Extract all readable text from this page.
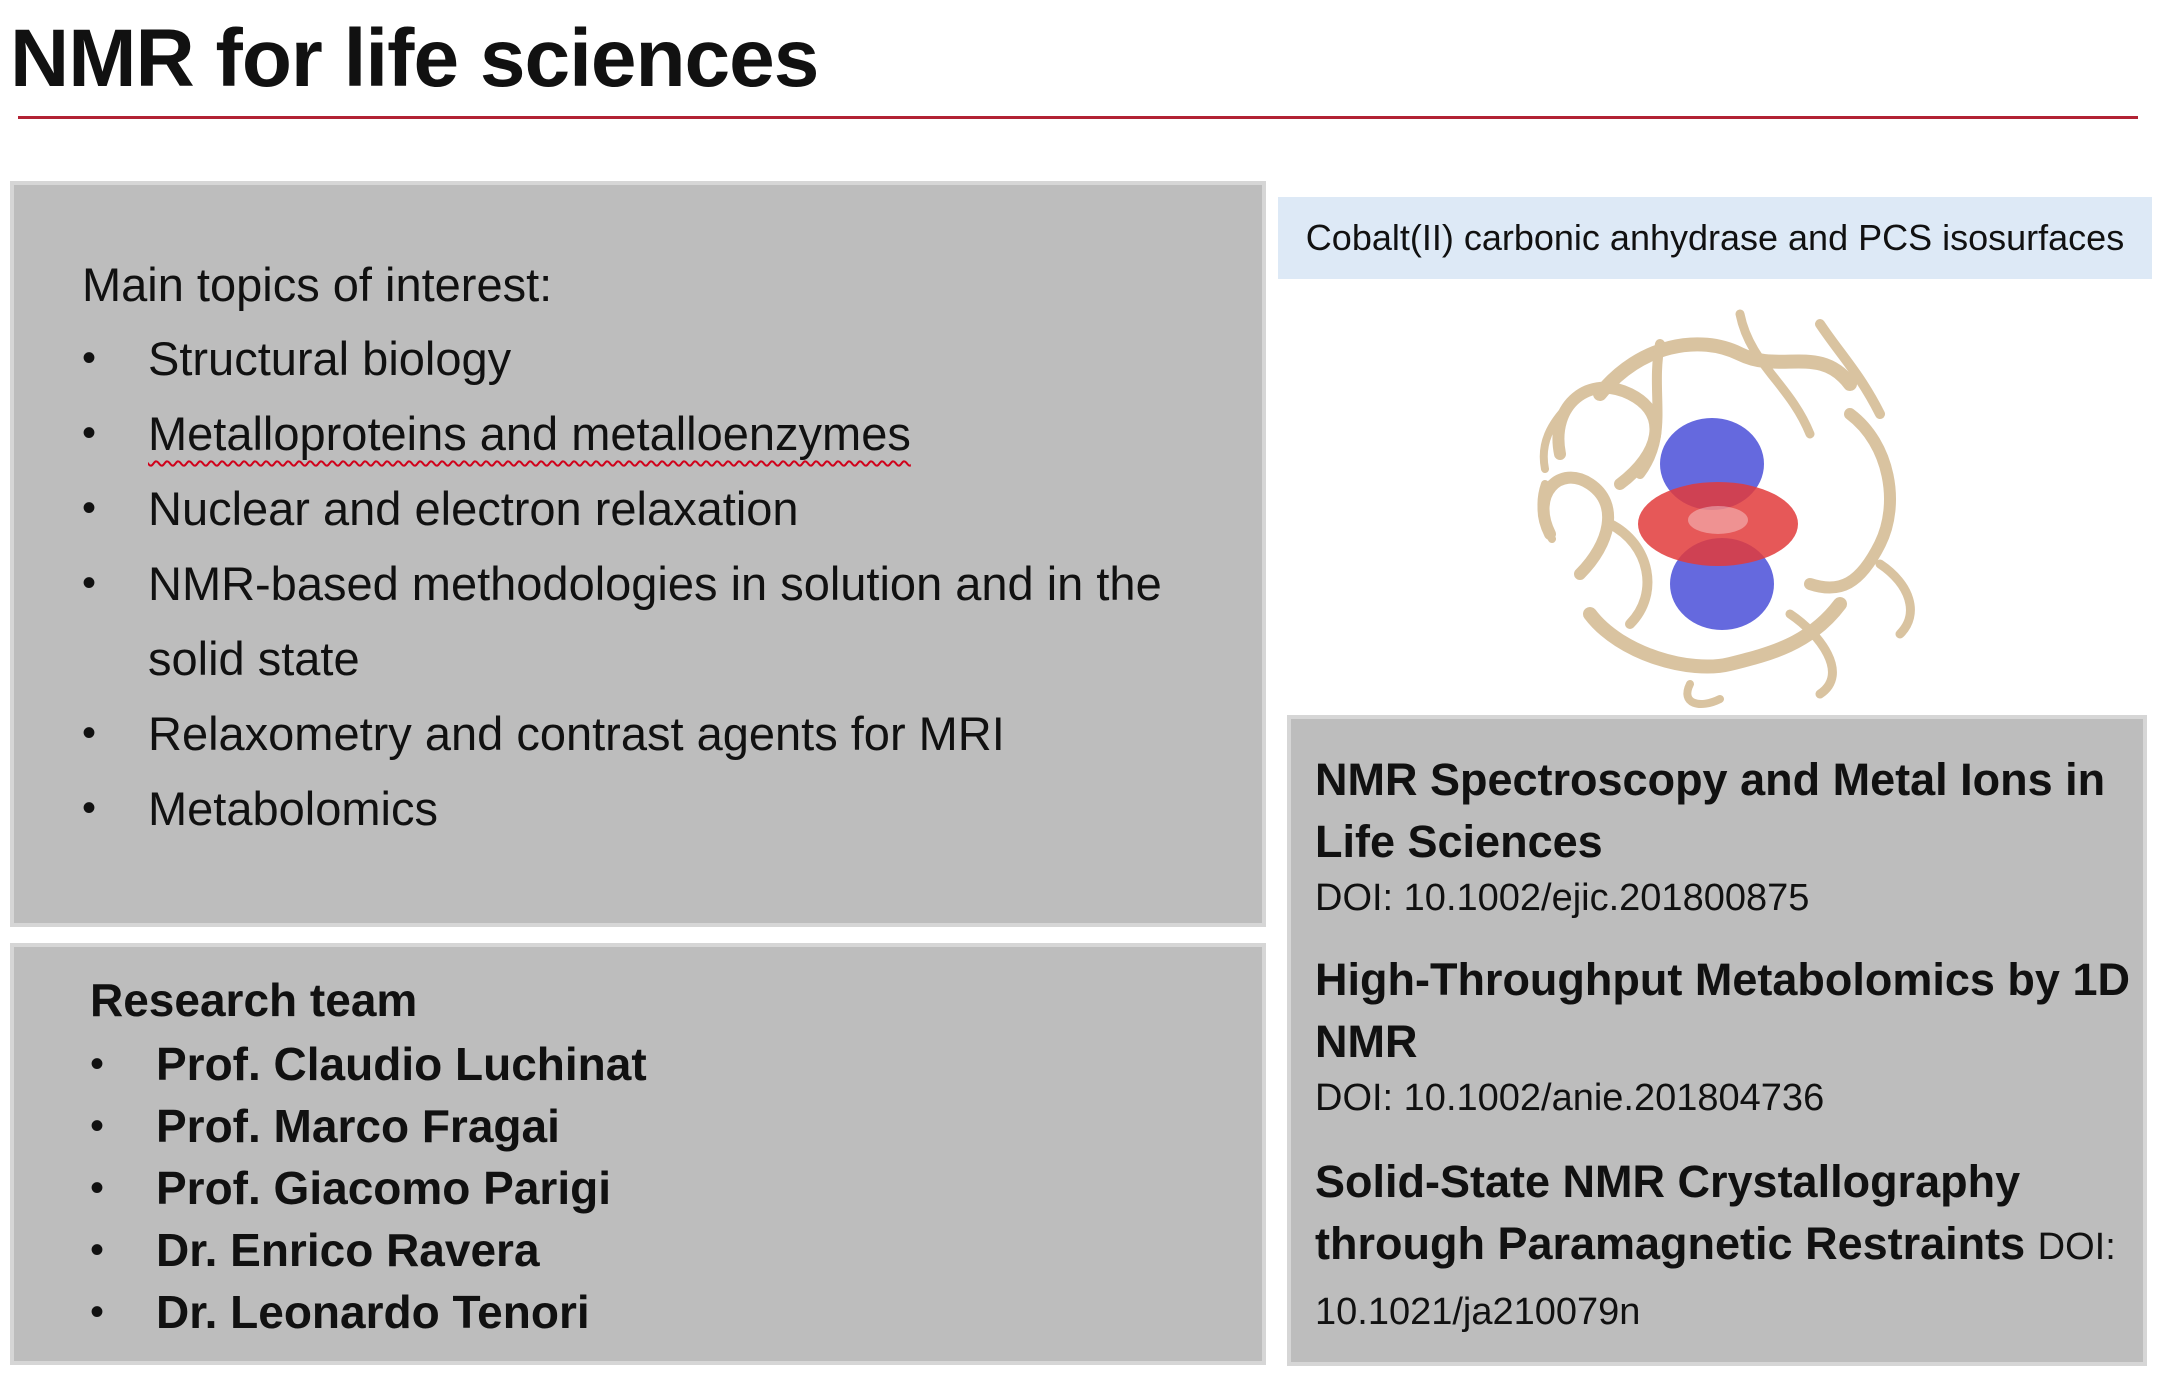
NMR for life sciences
Main topics of interest:
• Structural biology
• Metalloproteins and metalloenzymes
• Nuclear and electron relaxation
• NMR-based methodologies in solution and in the solid state
• Relaxometry and contrast agents for MRI
• Metabolomics
Research team
• Prof. Claudio Luchinat
• Prof. Marco Fragai
• Prof. Giacomo Parigi
• Dr. Enrico Ravera
• Dr. Leonardo Tenori
Cobalt(II) carbonic anhydrase and PCS isosurfaces
NMR Spectroscopy and Metal Ions in Life Sciences
DOI: 10.1002/ejic.201800875
High-Throughput Metabolomics by 1D NMR
DOI: 10.1002/anie.201804736
Solid-State NMR Crystallography through Paramagnetic Restraints DOI: 10.1021/ja210079n
